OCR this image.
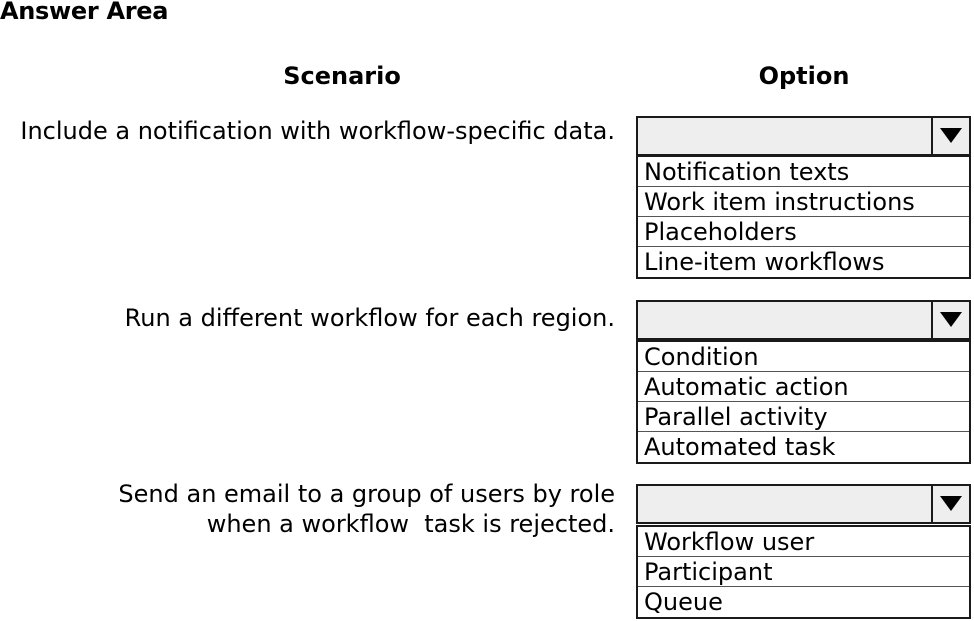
Answer Area
Scenario	Option
Include a notification with workflow-specific data.
Notification texts
Work item instructions
Placeholders
Line-item workflows
Run a different workflow for each region.
Condition
Automatic action
Parallel activity
Automated task
Send an email to a group of users by role
when a workflow  task is rejected.
Workflow user
Participant
Queue
